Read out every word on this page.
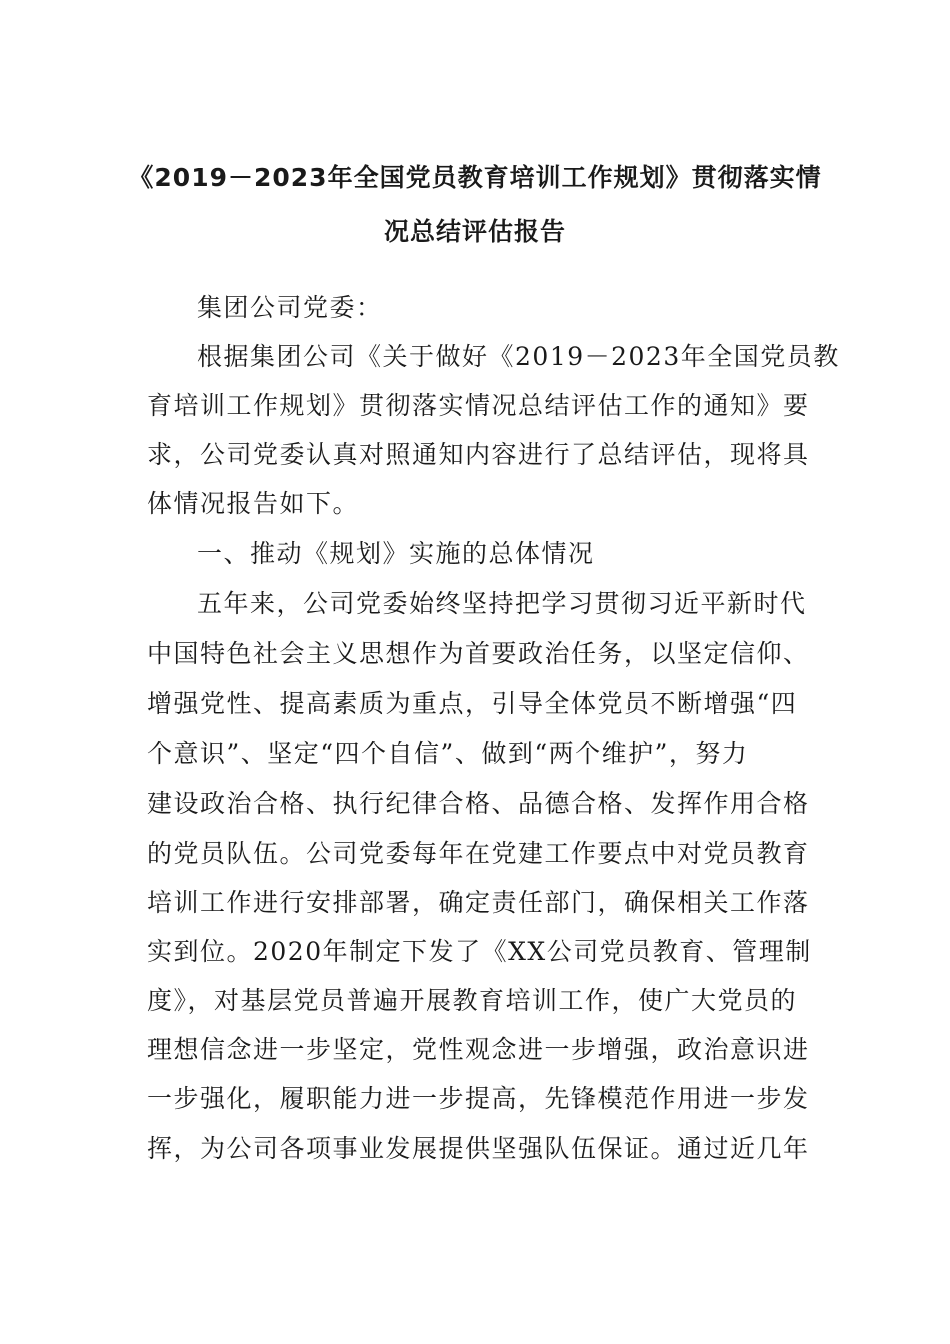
《2019－2023年全国党员教育培训工作规划》贯彻落实情
况总结评估报告
集团公司党委：
根据集团公司《关于做好《2019－2023年全国党员教
育培训工作规划》贯彻落实情况总结评估工作的通知》要
求，公司党委认真对照通知内容进行了总结评估，现将具
体情况报告如下。
一、推动《规划》实施的总体情况
五年来，公司党委始终坚持把学习贯彻习近平新时代
中国特色社会主义思想作为首要政治任务，以坚定信仰、
增强党性、提高素质为重点，引导全体党员不断增强“四
个意识”、坚定“四个自信”、做到“两个维护”，努力
建设政治合格、执行纪律合格、品德合格、发挥作用合格
的党员队伍。公司党委每年在党建工作要点中对党员教育
培训工作进行安排部署，确定责任部门，确保相关工作落
实到位。2020年制定下发了《XX公司党员教育、管理制
度》，对基层党员普遍开展教育培训工作，使广大党员的
理想信念进一步坚定，党性观念进一步增强，政治意识进
一步强化，履职能力进一步提高，先锋模范作用进一步发
挥，为公司各项事业发展提供坚强队伍保证。通过近几年
